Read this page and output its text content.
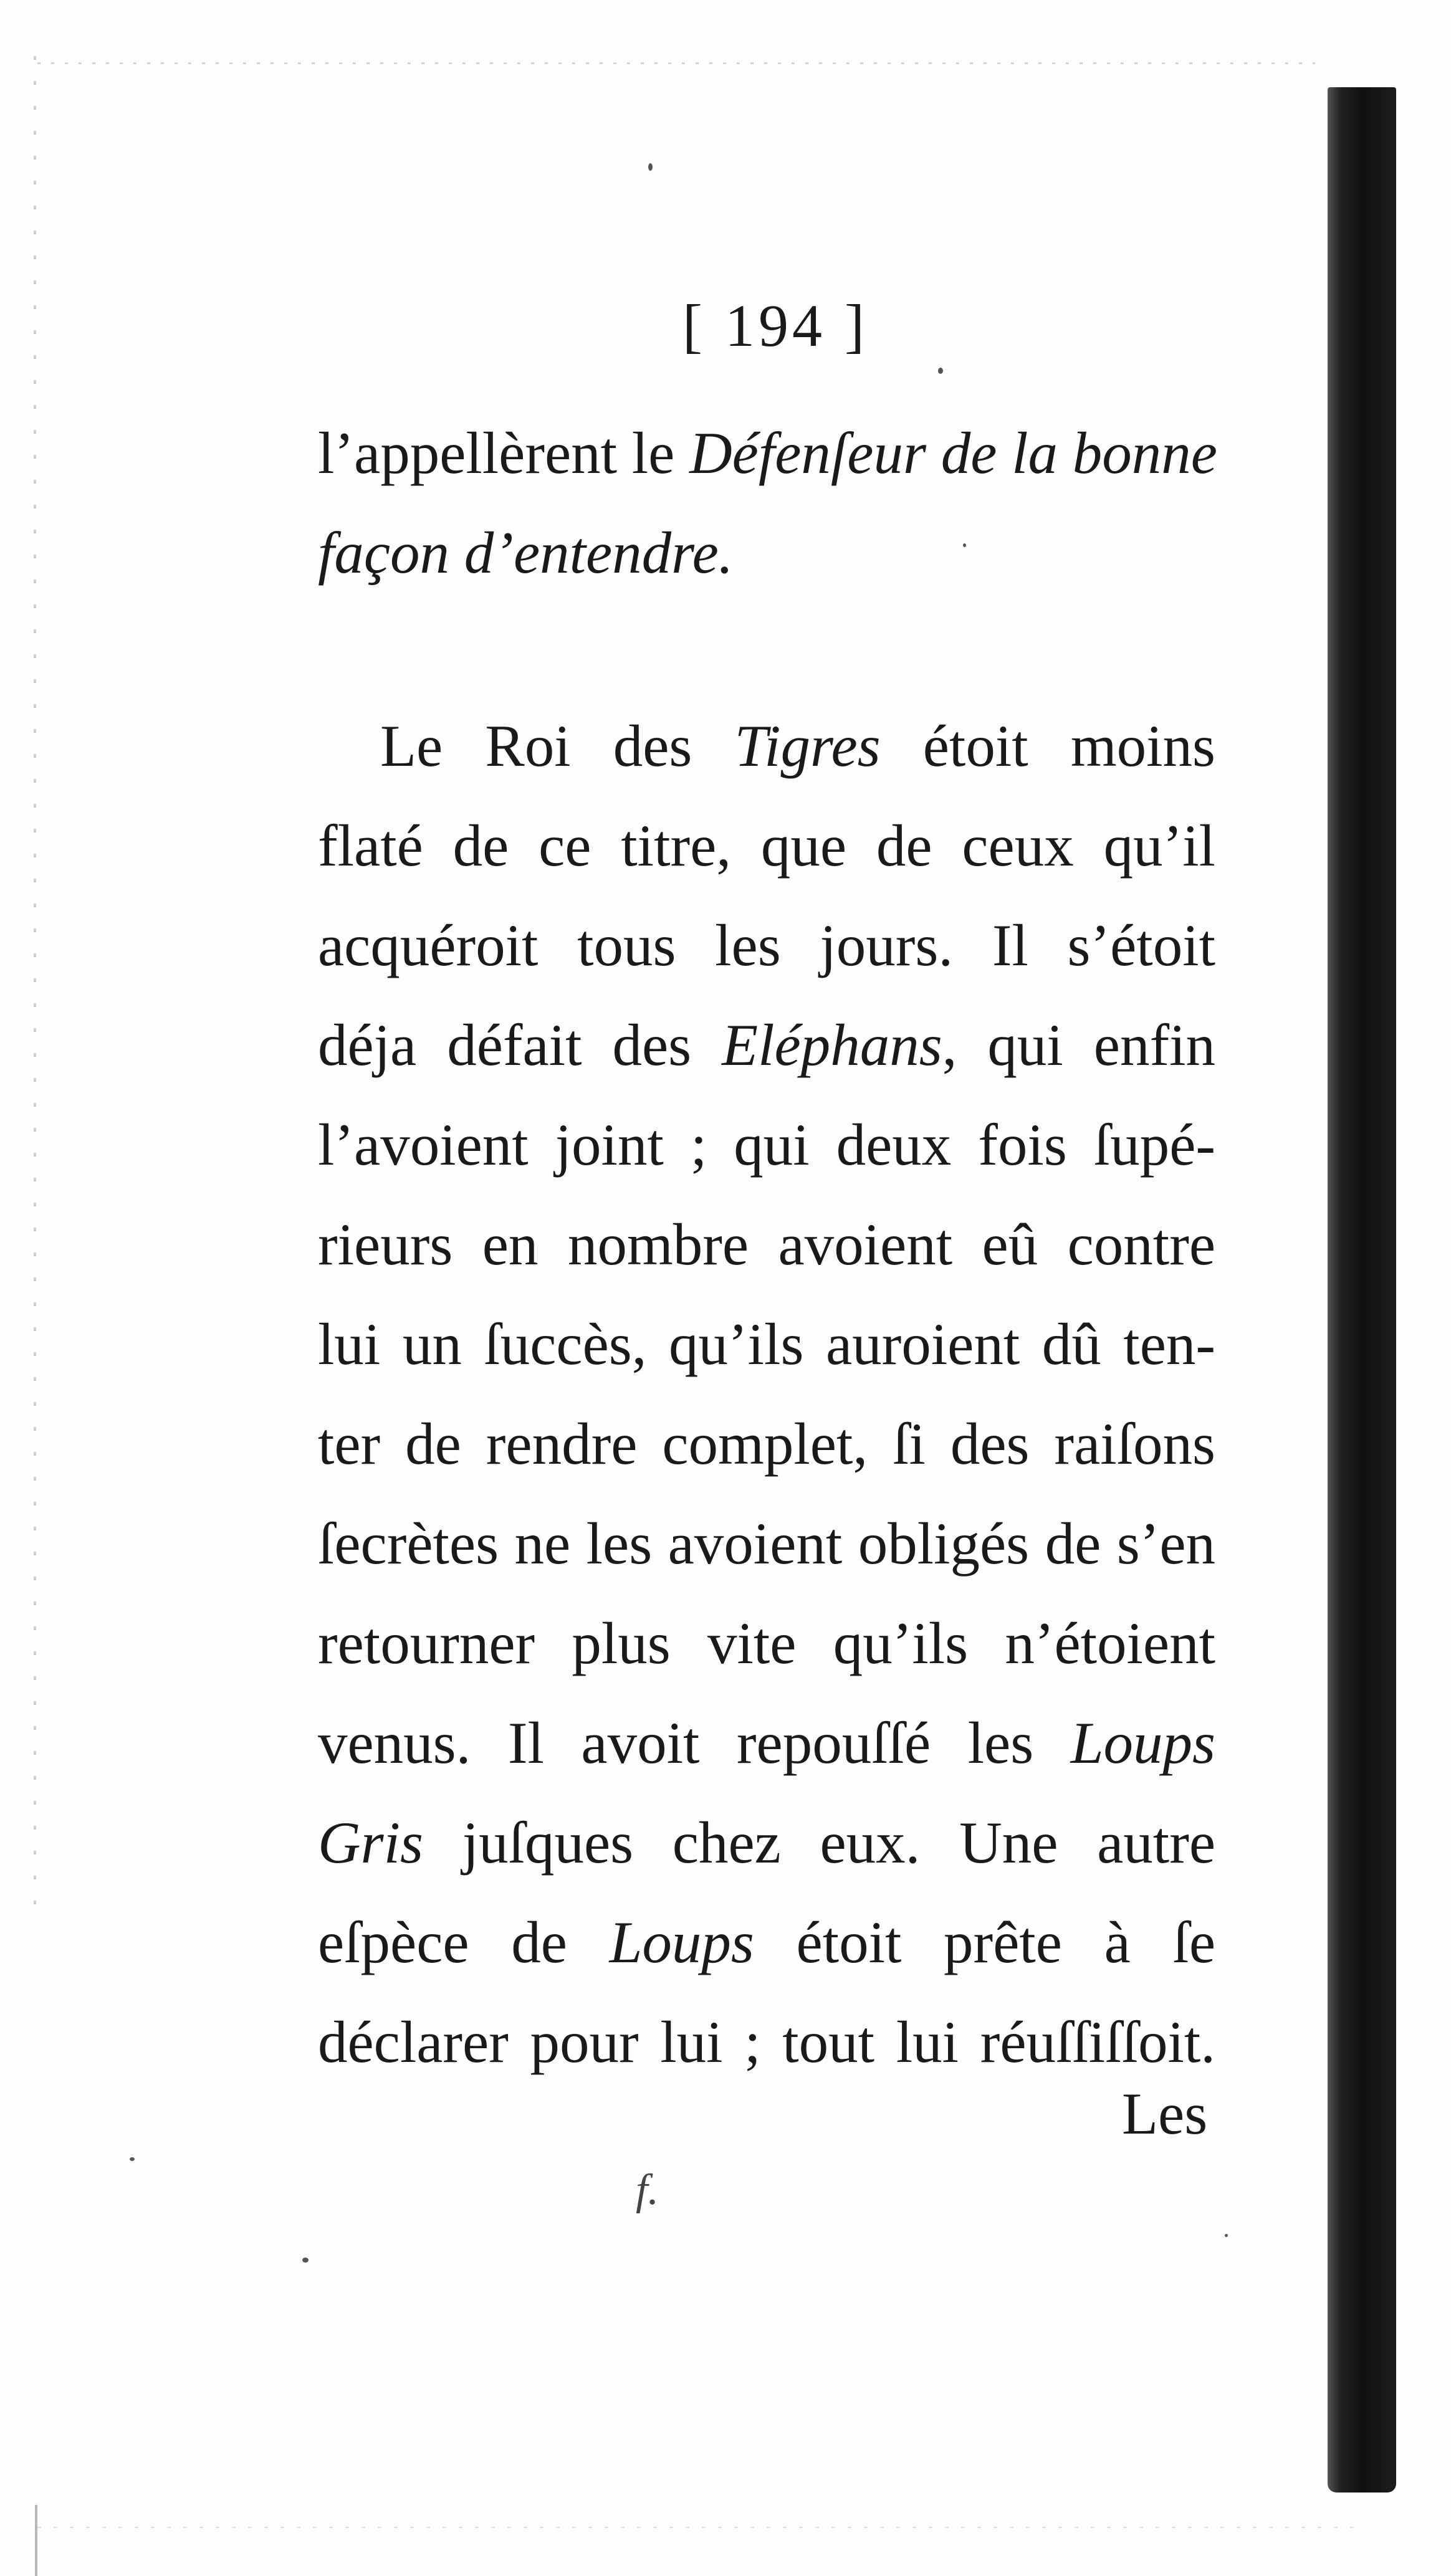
[ 194 ]
l’appellèrent le Défenſeur de la bonne
façon d’entendre.
Le Roi des Tigres étoit moins
flaté de ce titre, que de ceux qu’il
acquéroit tous les jours. Il s’étoit
déja défait des Eléphans, qui enfin
l’avoient joint ; qui deux fois ſupé-
rieurs en nombre avoient eû contre
lui un ſuccès, qu’ils auroient dû ten-
ter de rendre complet, ſi des raiſons
ſecrètes ne les avoient obligés de s’en
retourner plus vite qu’ils n’étoient
venus. Il avoit repouſſé les Loups
Gris juſques chez eux. Une autre
eſpèce de Loups étoit prête à ſe
déclarer pour lui ; tout lui réuſſiſſoit.
Les
f.
